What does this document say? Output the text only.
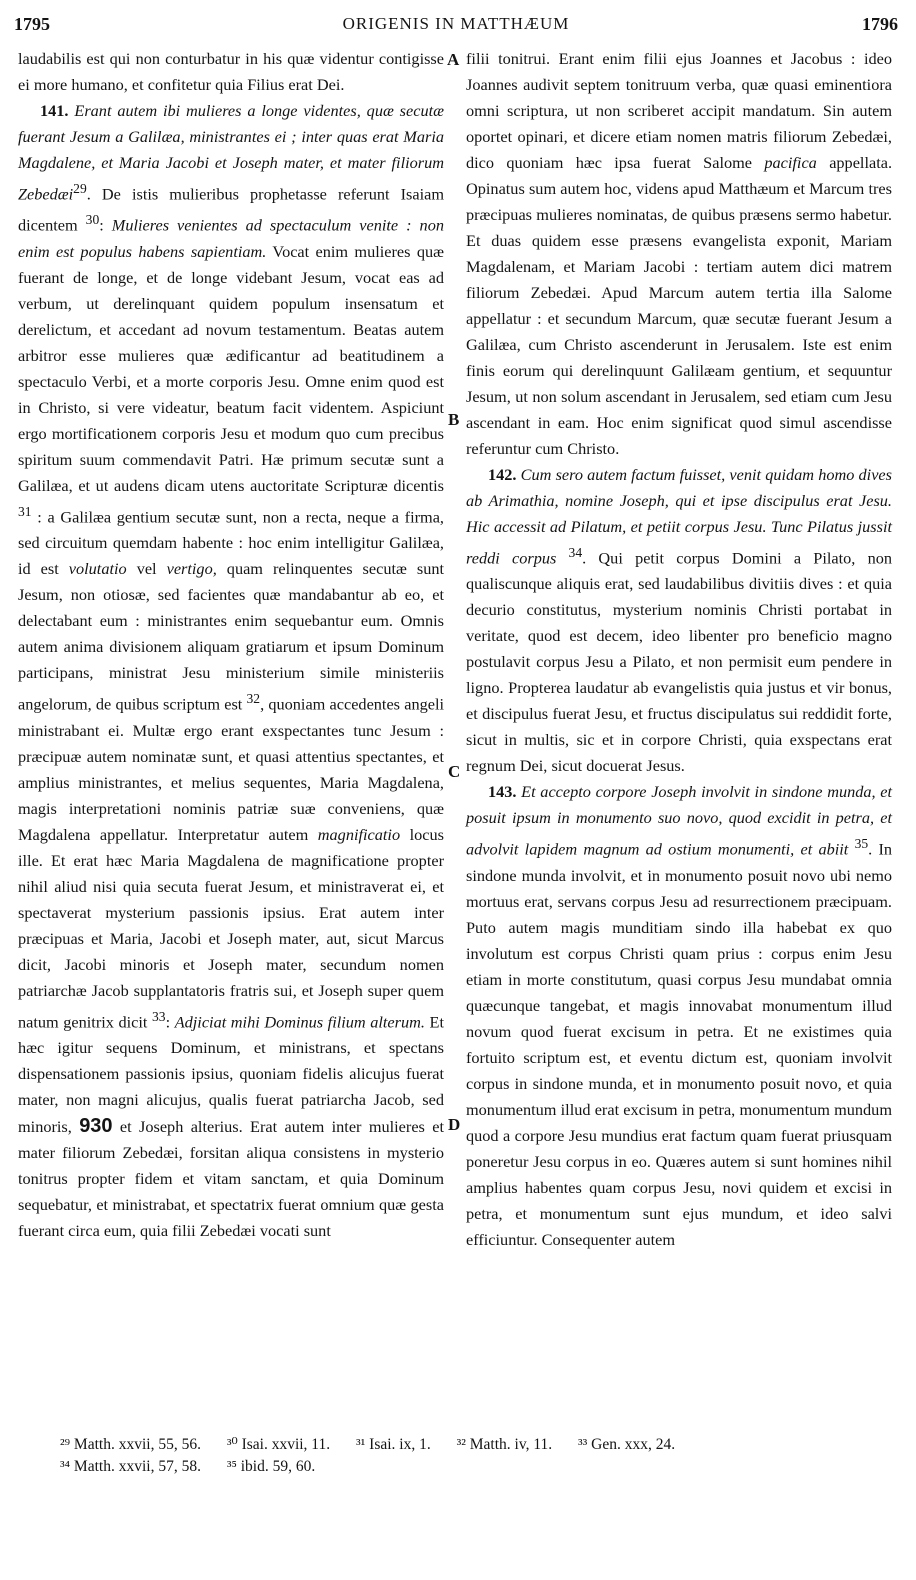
1795	ORIGENIS IN MATTHÆUM	1796
A
B
C
D

laudabilis est qui non conturbatur in his quæ videntur contigisse ei more humano, et confitetur quia Filius erat Dei.

141. Erant autem ibi mulieres a longe videntes, quæ secutæ fuerant Jesum a Galilæa, ministrantes ei ; inter quas erat Maria Magdalene, et Maria Jacobi et Joseph mater, et mater filiorum Zebedæi$^{29}$. De istis mulieribus prophetasse referunt Isaiam dicentem $^{30}$: Mulieres venientes ad spectaculum venite : non enim est populus habens sapientiam. Vocat enim mulieres quæ fuerant de longe, et de longe videbant Jesum, vocat eas ad verbum, ut derelinquant quidem populum insensatum et derelictum, et accedant ad novum testamentum. Beatas autem arbitror esse mulieres quæ ædificantur ad beatitudinem a spectaculo Verbi, et a morte corporis Jesu. Omne enim quod est in Christo, si vere videatur, beatum facit videntem. Aspiciunt ergo mortificationem corporis Jesu et modum quo cum precibus spiritum suum commendavit Patri. Hæ primum secutæ sunt a Galilæa, et ut audens dicam utens auctoritate Scripturæ dicentis $^{31}$ : a Galilæa gentium secutæ sunt, non a recta, neque a firma, sed circuitum quemdam habente : hoc enim intelligitur Galilæa, id est volutatio vel vertigo, quam relinquentes secutæ sunt Jesum, non otiosæ, sed facientes quæ mandabantur ab eo, et delectabant eum : ministrantes enim sequebantur eum. Omnis autem anima divisionem aliquam gratiarum et ipsum Dominum participans, ministrat Jesu ministerium simile ministeriis angelorum, de quibus scriptum est $^{32}$, quoniam accedentes angeli ministrabant ei. Multæ ergo erant exspectantes tunc Jesum : præcipuæ autem nominatæ sunt, et quasi attentius spectantes, et amplius ministrantes, et melius sequentes, Maria Magdalena, magis interpretationi nominis patriæ suæ conveniens, quæ Magdalena appellatur. Interpretatur autem magnificatio locus ille. Et erat hæc Maria Magdalena de magnificatione propter nihil aliud nisi quia secuta fuerat Jesum, et ministraverat ei, et spectaverat mysterium passionis ipsius. Erat autem inter præcipuas et Maria, Jacobi et Joseph mater, aut, sicut Marcus dicit, Jacobi minoris et Joseph mater, secundum nomen patriarchæ Jacob supplantatoris fratris sui, et Joseph super quem natum genitrix dicit $^{33}$: Adjiciat mihi Dominus filium alterum. Et hæc igitur sequens Dominum, et ministrans, et spectans dispensationem passionis ipsius, quoniam fidelis alicujus fuerat mater, non magni alicujus, qualis fuerat patriarcha Jacob, sed minoris, 930 et Joseph alterius. Erat autem inter mulieres et mater filiorum Zebedæi, forsitan aliqua consistens in mysterio tonitrus propter fidem et vitam sanctam, et quia Dominum sequebatur, et ministrabat, et spectatrix fuerat omnium quæ gesta fuerant circa eum, quia filii Zebedæi vocati sunt

filii tonitrui. Erant enim filii ejus Joannes et Jacobus : ideo Joannes audivit septem tonitruum verba, quæ quasi eminentiora omni scriptura, ut non scriberet accipit mandatum. Sin autem oportet opinari, et dicere etiam nomen matris filiorum Zebedæi, dico quoniam hæc ipsa fuerat Salome pacifica appellata. Opinatus sum autem hoc, videns apud Matthæum et Marcum tres præcipuas mulieres nominatas, de quibus præsens sermo habetur. Et duas quidem esse præsens evangelista exponit, Mariam Magdalenam, et Mariam Jacobi : tertiam autem dici matrem filiorum Zebedæi. Apud Marcum autem tertia illa Salome appellatur : et secundum Marcum, quæ secutæ fuerant Jesum a Galilæa, cum Christo ascenderunt in Jerusalem. Iste est enim finis eorum qui derelinquunt Galilæam gentium, et sequuntur Jesum, ut non solum ascendant in Jerusalem, sed etiam cum Jesu ascendant in eam. Hoc enim significat quod simul ascendisse referuntur cum Christo.

142. Cum sero autem factum fuisset, venit quidam homo dives ab Arimathia, nomine Joseph, qui et ipse discipulus erat Jesu. Hic accessit ad Pilatum, et petiit corpus Jesu. Tunc Pilatus jussit reddi corpus $^{34}$. Qui petit corpus Domini a Pilato, non qualiscunque aliquis erat, sed laudabilibus divitiis dives : et quia decurio constitutus, mysterium nominis Christi portabat in veritate, quod est decem, ideo libenter pro beneficio magno postulavit corpus Jesu a Pilato, et non permisit eum pendere in ligno. Propterea laudatur ab evangelistis quia justus et vir bonus, et discipulus fuerat Jesu, et fructus discipulatus sui reddidit forte, sicut in multis, sic et in corpore Christi, quia exspectans erat regnum Dei, sicut docuerat Jesus.

143. Et accepto corpore Joseph involvit in sindone munda, et posuit ipsum in monumento suo novo, quod excidit in petra, et advolvit lapidem magnum ad ostium monumenti, et abiit $^{35}$. In sindone munda involvit, et in monumento posuit novo ubi nemo mortuus erat, servans corpus Jesu ad resurrectionem præcipuam. Puto autem magis munditiam sindo illa habebat ex quo involutum est corpus Christi quam prius : corpus enim Jesu etiam in morte constitutum, quasi corpus Jesu mundabat omnia quæcunque tangebat, et magis innovabat monumentum illud novum quod fuerat excisum in petra. Et ne existimes quia fortuito scriptum est, et eventu dictum est, quoniam involvit corpus in sindone munda, et in monumento posuit novo, et quia monumentum illud erat excisum in petra, monumentum mundum quod a corpore Jesu mundius erat factum quam fuerat priusquam poneretur Jesu corpus in eo. Quæres autem si sunt homines nihil amplius habentes quam corpus Jesu, novi quidem et excisi in petra, et monumentum sunt ejus mundum, et ideo salvi efficiuntur. Consequenter autem

²⁹ Matth. xxvii, 55, 56. ³⁰ Isai. xxvii, 11. ³¹ Isai. ix, 1. ³² Matth. iv, 11. ³³ Gen. xxx, 24.
³⁴ Matth. xxvii, 57, 58. ³⁵ ibid. 59, 60.
